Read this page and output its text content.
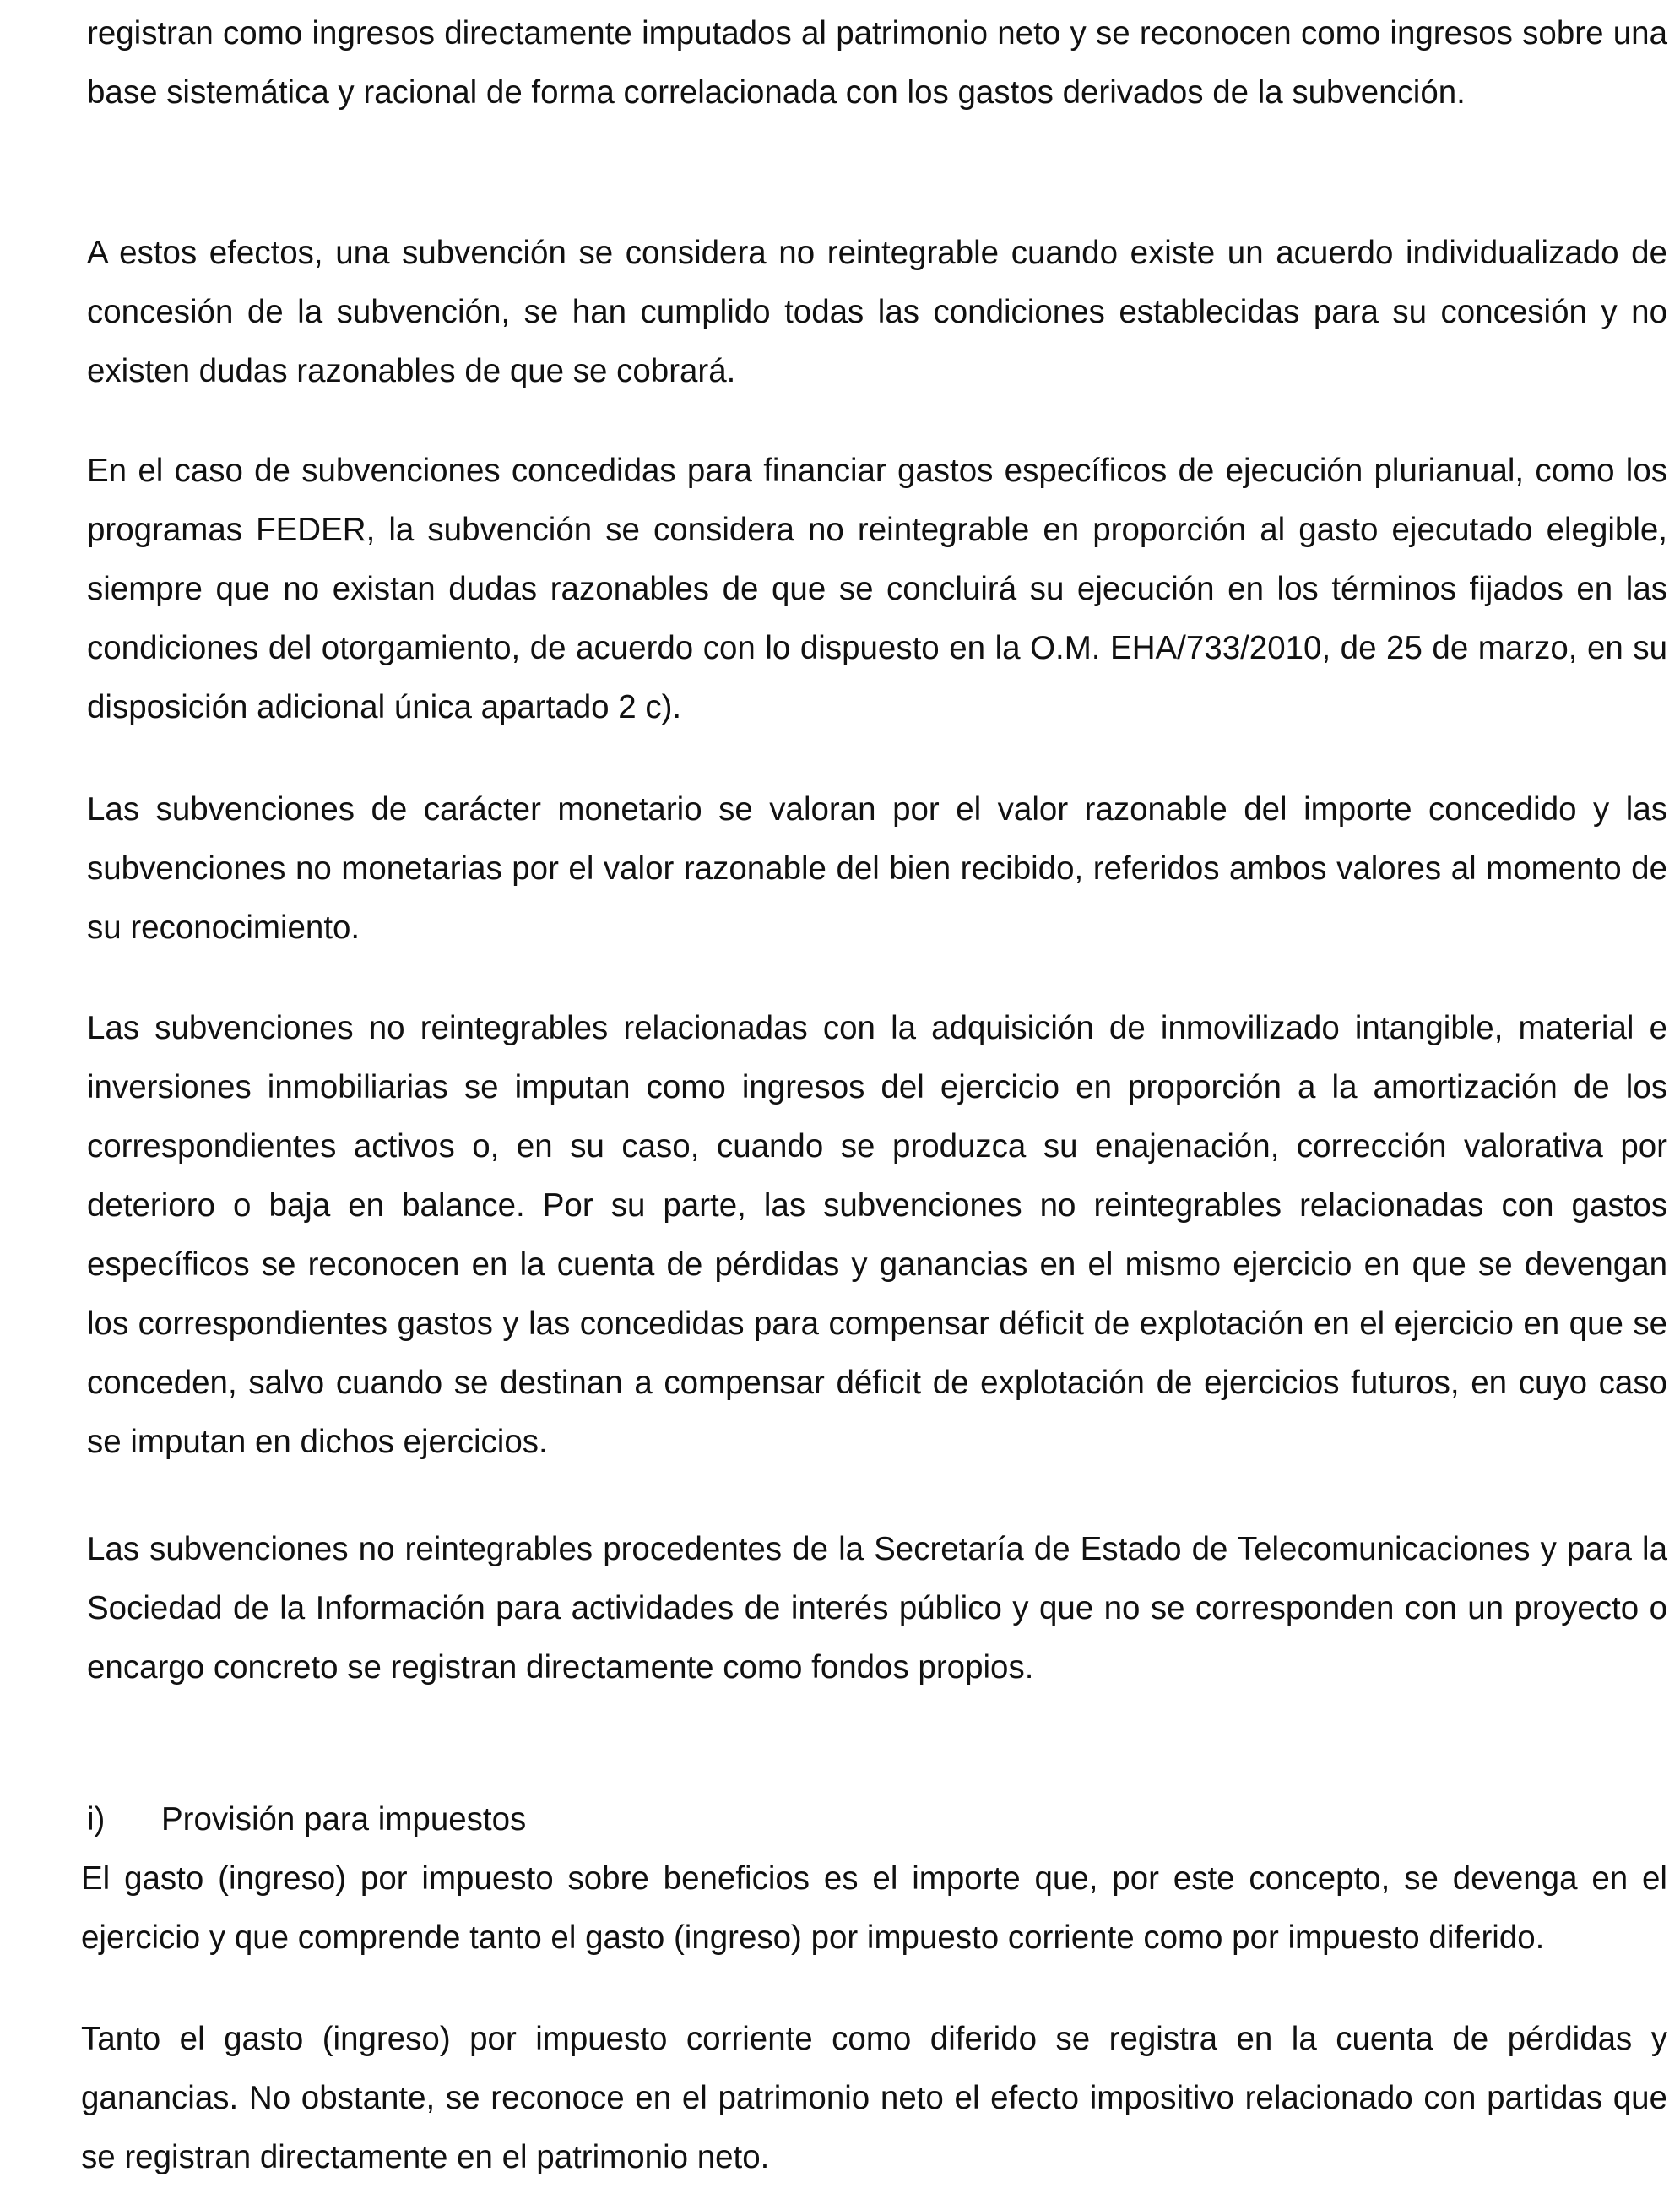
registran como ingresos directamente imputados al patrimonio neto y se reconocen como ingresos sobre una base sistemática y racional de forma correlacionada con los gastos derivados de la subvención.

A estos efectos, una subvención se considera no reintegrable cuando existe un acuerdo individualizado de concesión de la subvención, se han cumplido todas las condiciones establecidas para su concesión y no existen dudas razonables de que se cobrará.

En el caso de subvenciones concedidas para financiar gastos específicos de ejecución plurianual, como los programas FEDER, la subvención se considera no reintegrable en proporción al gasto ejecutado elegible, siempre que no existan dudas razonables de que se concluirá su ejecución en los términos fijados en las condiciones del otorgamiento, de acuerdo con lo dispuesto en la O.M. EHA/733/2010, de 25 de marzo, en su disposición adicional única apartado 2 c).

Las subvenciones de carácter monetario se valoran por el valor razonable del importe concedido y las subvenciones no monetarias por el valor razonable del bien recibido, referidos ambos valores al momento de su reconocimiento.

Las subvenciones no reintegrables relacionadas con la adquisición de inmovilizado intangible, material e inversiones inmobiliarias se imputan como ingresos del ejercicio en proporción a la amortización de los correspondientes activos o, en su caso, cuando se produzca su enajenación, corrección valorativa por deterioro o baja en balance. Por su parte, las subvenciones no reintegrables relacionadas con gastos específicos se reconocen en la cuenta de pérdidas y ganancias en el mismo ejercicio en que se devengan los correspondientes gastos y las concedidas para compensar déficit de explotación en el ejercicio en que se conceden, salvo cuando se destinan a compensar déficit de explotación de ejercicios futuros, en cuyo caso se imputan en dichos ejercicios.

Las subvenciones no reintegrables procedentes de la Secretaría de Estado de Telecomunicaciones y para la Sociedad de la Información para actividades de interés público y que no se corresponden con un proyecto o encargo concreto se registran directamente como fondos propios.

i) Provisión para impuestos

El gasto (ingreso) por impuesto sobre beneficios es el importe que, por este concepto, se devenga en el ejercicio y que comprende tanto el gasto (ingreso) por impuesto corriente como por impuesto diferido.

Tanto el gasto (ingreso) por impuesto corriente como diferido se registra en la cuenta de pérdidas y ganancias. No obstante, se reconoce en el patrimonio neto el efecto impositivo relacionado con partidas que se registran directamente en el patrimonio neto.
